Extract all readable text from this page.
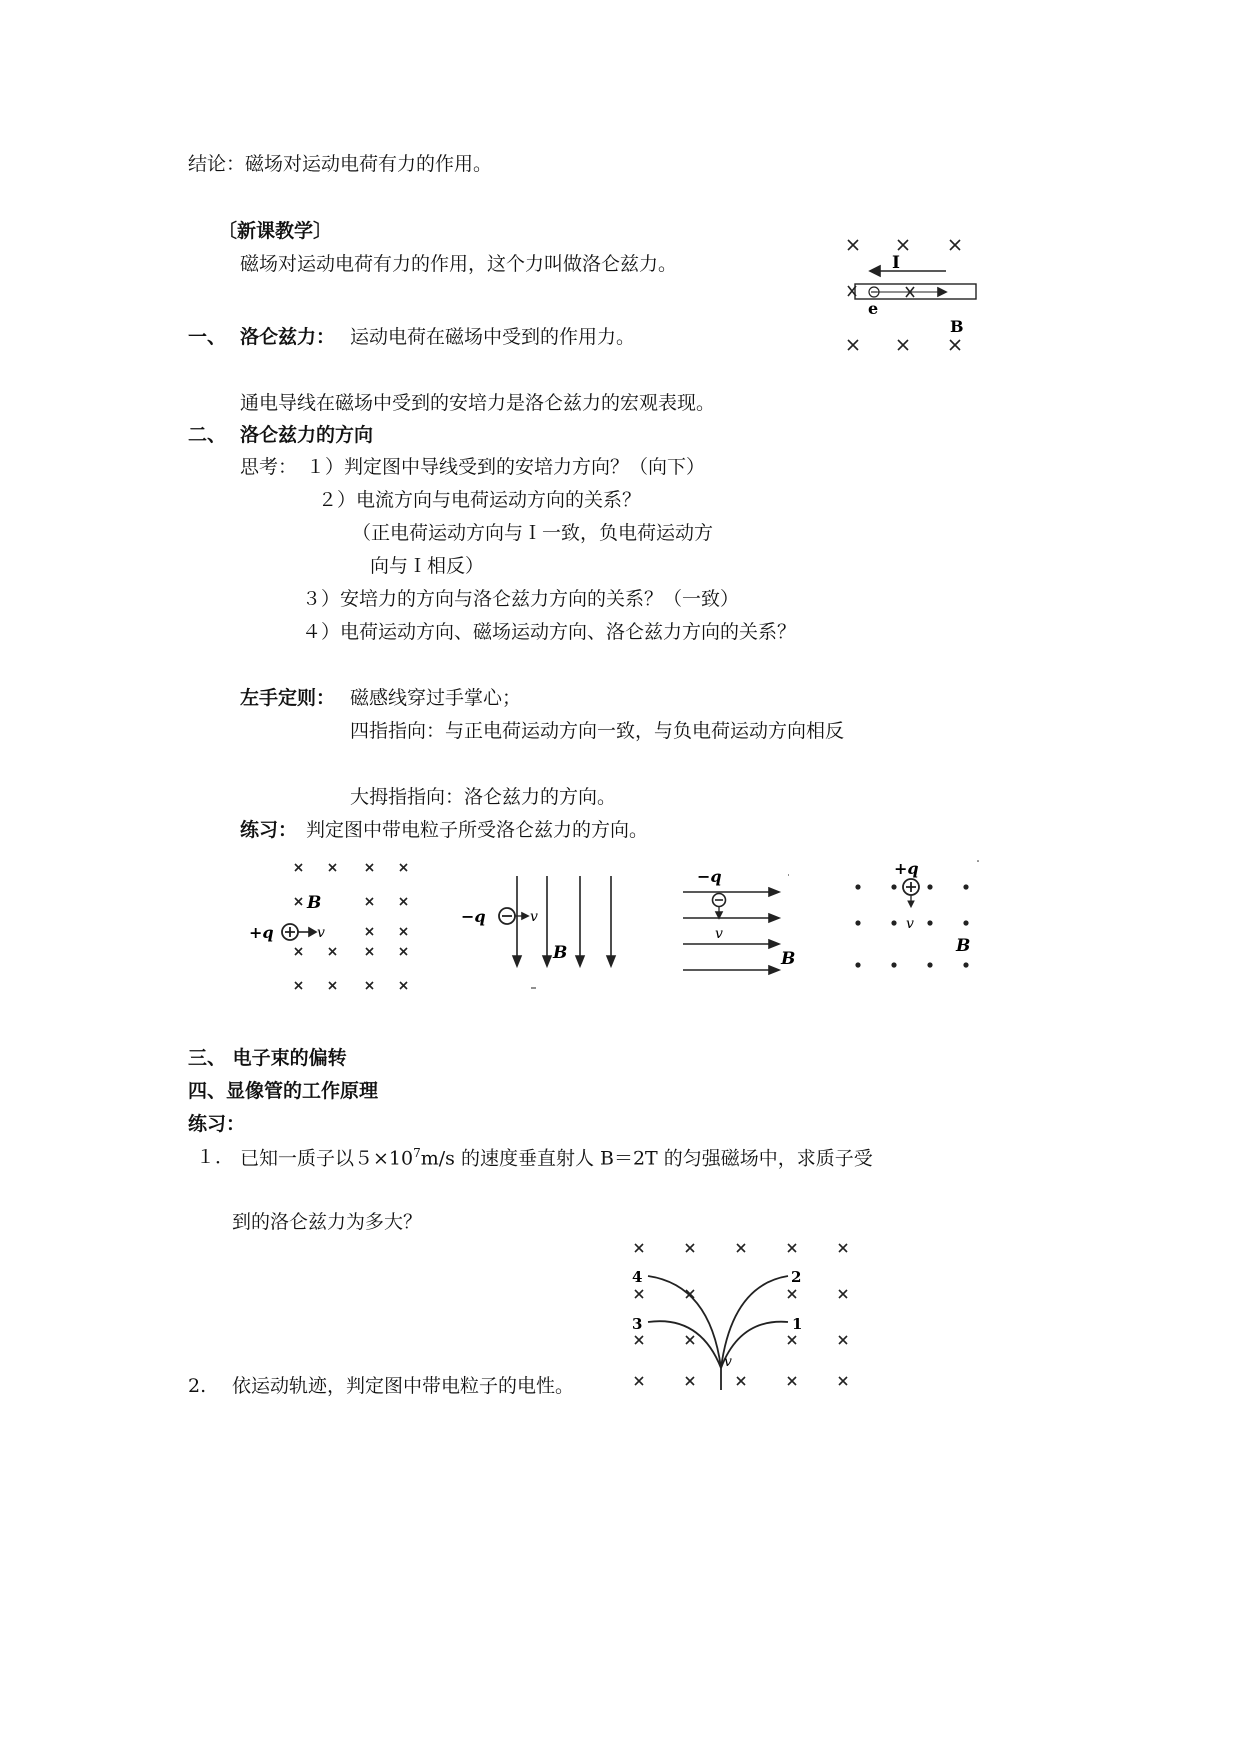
结论：磁场对运动电荷有力的作用。
〔新课教学〕
磁场对运动电荷有力的作用，这个力叫做洛仑兹力。
一、 洛仑兹力： 运动电荷在磁场中受到的作用力。
通电导线在磁场中受到的安培力是洛仑兹力的宏观表现。
二、 洛仑兹力的方向
思考： １）判定图中导线受到的安培力方向？（向下）
２）电流方向与电荷运动方向的关系？
（正电荷运动方向与Ｉ一致，负电荷运动方
向与Ｉ相反）
３）安培力的方向与洛仑兹力方向的关系？（一致）
４）电荷运动方向、磁场运动方向、洛仑兹力方向的关系？
左手定则： 磁感线穿过手掌心；
四指指向：与正电荷运动方向一致，与负电荷运动方向相反
大拇指指向：洛仑兹力的方向。
练习： 判定图中带电粒子所受洛仑兹力的方向。
三、 电子束的偏转
四、显像管的工作原理
练习：
１． 已知一质子以$5\times 10^7m/s$ 的速度垂直射人 B＝2T 的匀强磁场中，求质子受
到的洛仑兹力为多大？
2. 依运动轨迹，判定图中带电粒子的电性。
I
e
B
B
+q	v
−q	v
B
−q
v
B
+q
v
B
4	2
3	1
v
